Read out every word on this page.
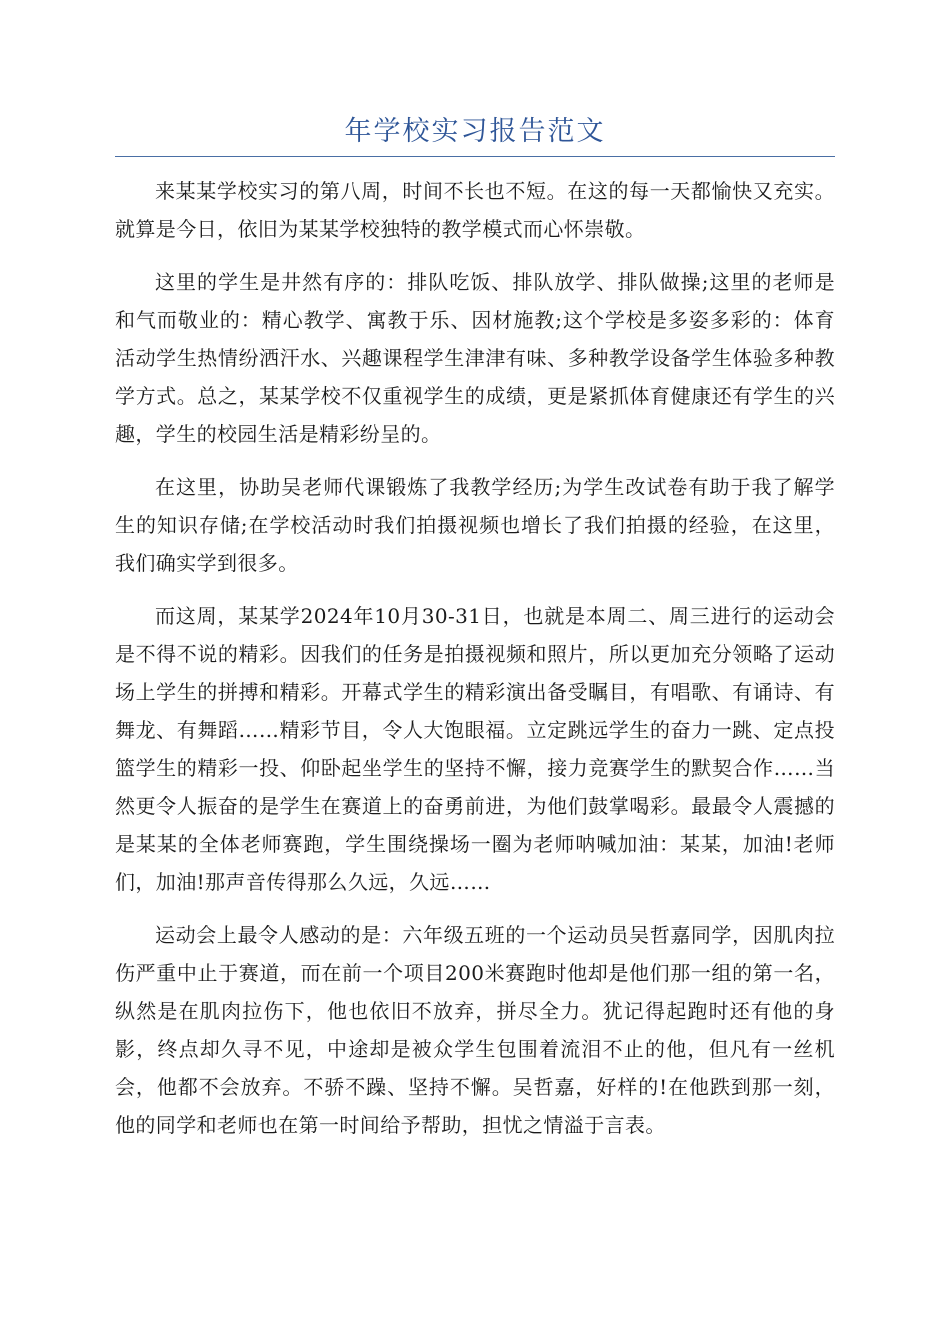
年学校实习报告范文

来某某学校实习的第八周，时间不长也不短。在这的每一天都愉快又充实。就算是今日，依旧为某某学校独特的教学模式而心怀崇敬。

这里的学生是井然有序的：排队吃饭、排队放学、排队做操;这里的老师是和气而敬业的：精心教学、寓教于乐、因材施教;这个学校是多姿多彩的：体育活动学生热情纷洒汗水、兴趣课程学生津津有味、多种教学设备学生体验多种教学方式。总之，某某学校不仅重视学生的成绩，更是紧抓体育健康还有学生的兴趣，学生的校园生活是精彩纷呈的。

在这里，协助吴老师代课锻炼了我教学经历;为学生改试卷有助于我了解学生的知识存储;在学校活动时我们拍摄视频也增长了我们拍摄的经验，在这里，我们确实学到很多。

而这周，某某学2024年10月30-31日，也就是本周二、周三进行的运动会是不得不说的精彩。因我们的任务是拍摄视频和照片，所以更加充分领略了运动场上学生的拼搏和精彩。开幕式学生的精彩演出备受瞩目，有唱歌、有诵诗、有舞龙、有舞蹈……精彩节目，令人大饱眼福。立定跳远学生的奋力一跳、定点投篮学生的精彩一投、仰卧起坐学生的坚持不懈，接力竞赛学生的默契合作……当然更令人振奋的是学生在赛道上的奋勇前进，为他们鼓掌喝彩。最最令人震撼的是某某的全体老师赛跑，学生围绕操场一圈为老师呐喊加油：某某，加油!老师们，加油!那声音传得那么久远，久远……

运动会上最令人感动的是：六年级五班的一个运动员吴哲嘉同学，因肌肉拉伤严重中止于赛道，而在前一个项目200米赛跑时他却是他们那一组的第一名，纵然是在肌肉拉伤下，他也依旧不放弃，拼尽全力。犹记得起跑时还有他的身影，终点却久寻不见，中途却是被众学生包围着流泪不止的他，但凡有一丝机会，他都不会放弃。不骄不躁、坚持不懈。吴哲嘉，好样的!在他跌到那一刻，他的同学和老师也在第一时间给予帮助，担忧之情溢于言表。
